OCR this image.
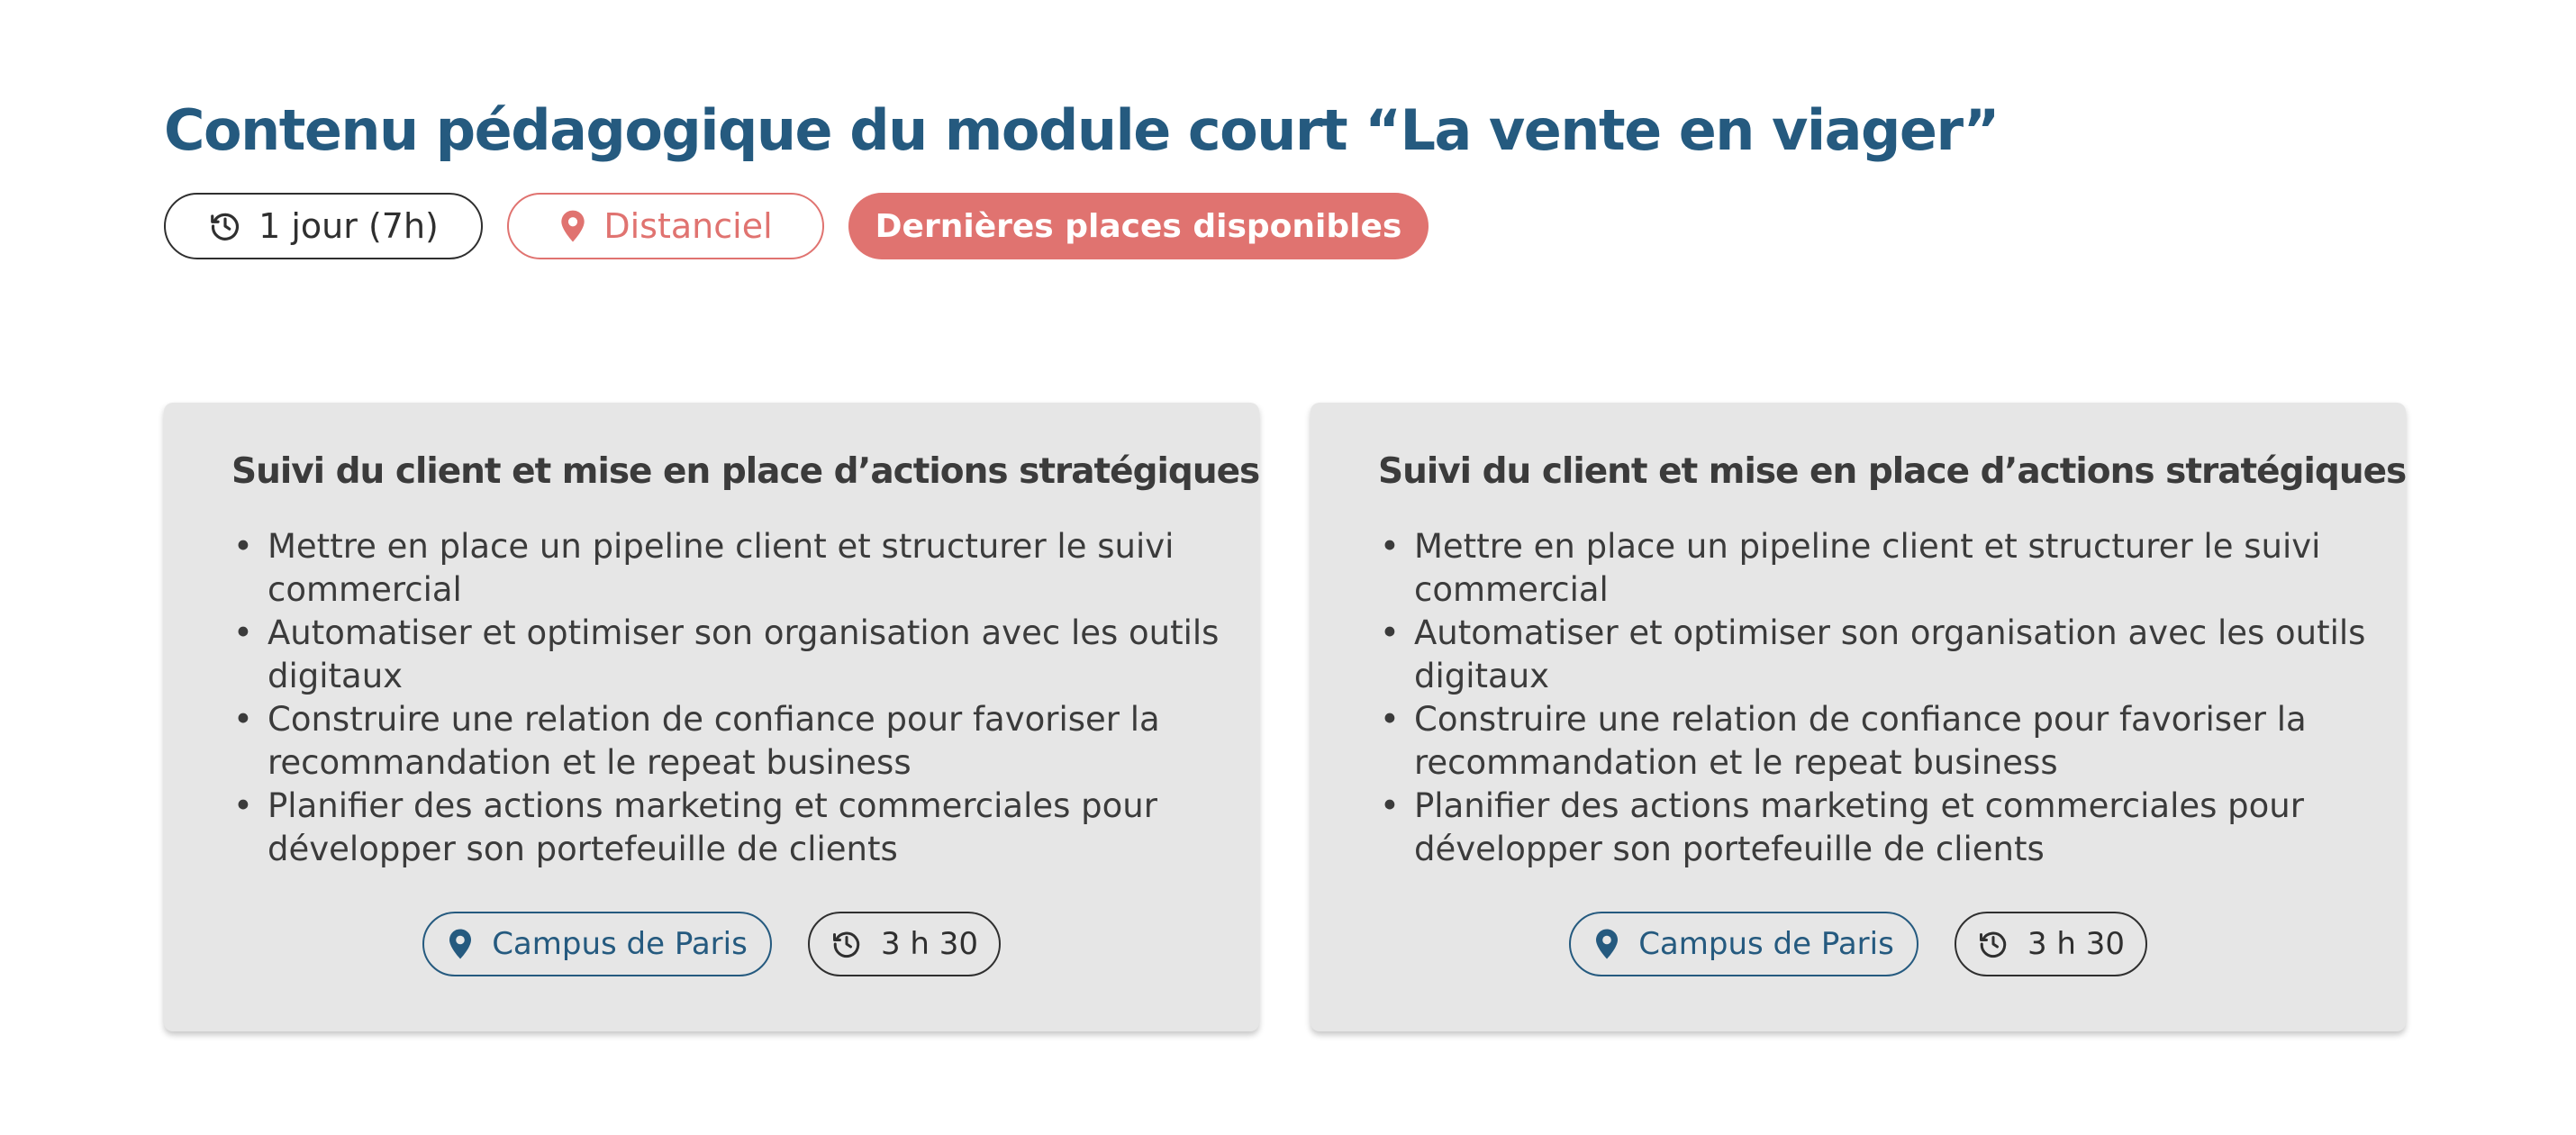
Contenu pédagogique du module court “La vente en viager”
1 jour (7h)	Distanciel	Dernières places disponibles
Suivi du client et mise en place d’actions stratégiques
• Mettre en place un pipeline client et structurer le suivi commercial
• Automatiser et optimiser son organisation avec les outils digitaux
• Construire une relation de confiance pour favoriser la recommandation et le repeat business
• Planifier des actions marketing et commerciales pour développer son portefeuille de clients
Campus de Paris	3 h 30
Suivi du client et mise en place d’actions stratégiques
• Mettre en place un pipeline client et structurer le suivi commercial
• Automatiser et optimiser son organisation avec les outils digitaux
• Construire une relation de confiance pour favoriser la recommandation et le repeat business
• Planifier des actions marketing et commerciales pour développer son portefeuille de clients
Campus de Paris	3 h 30
